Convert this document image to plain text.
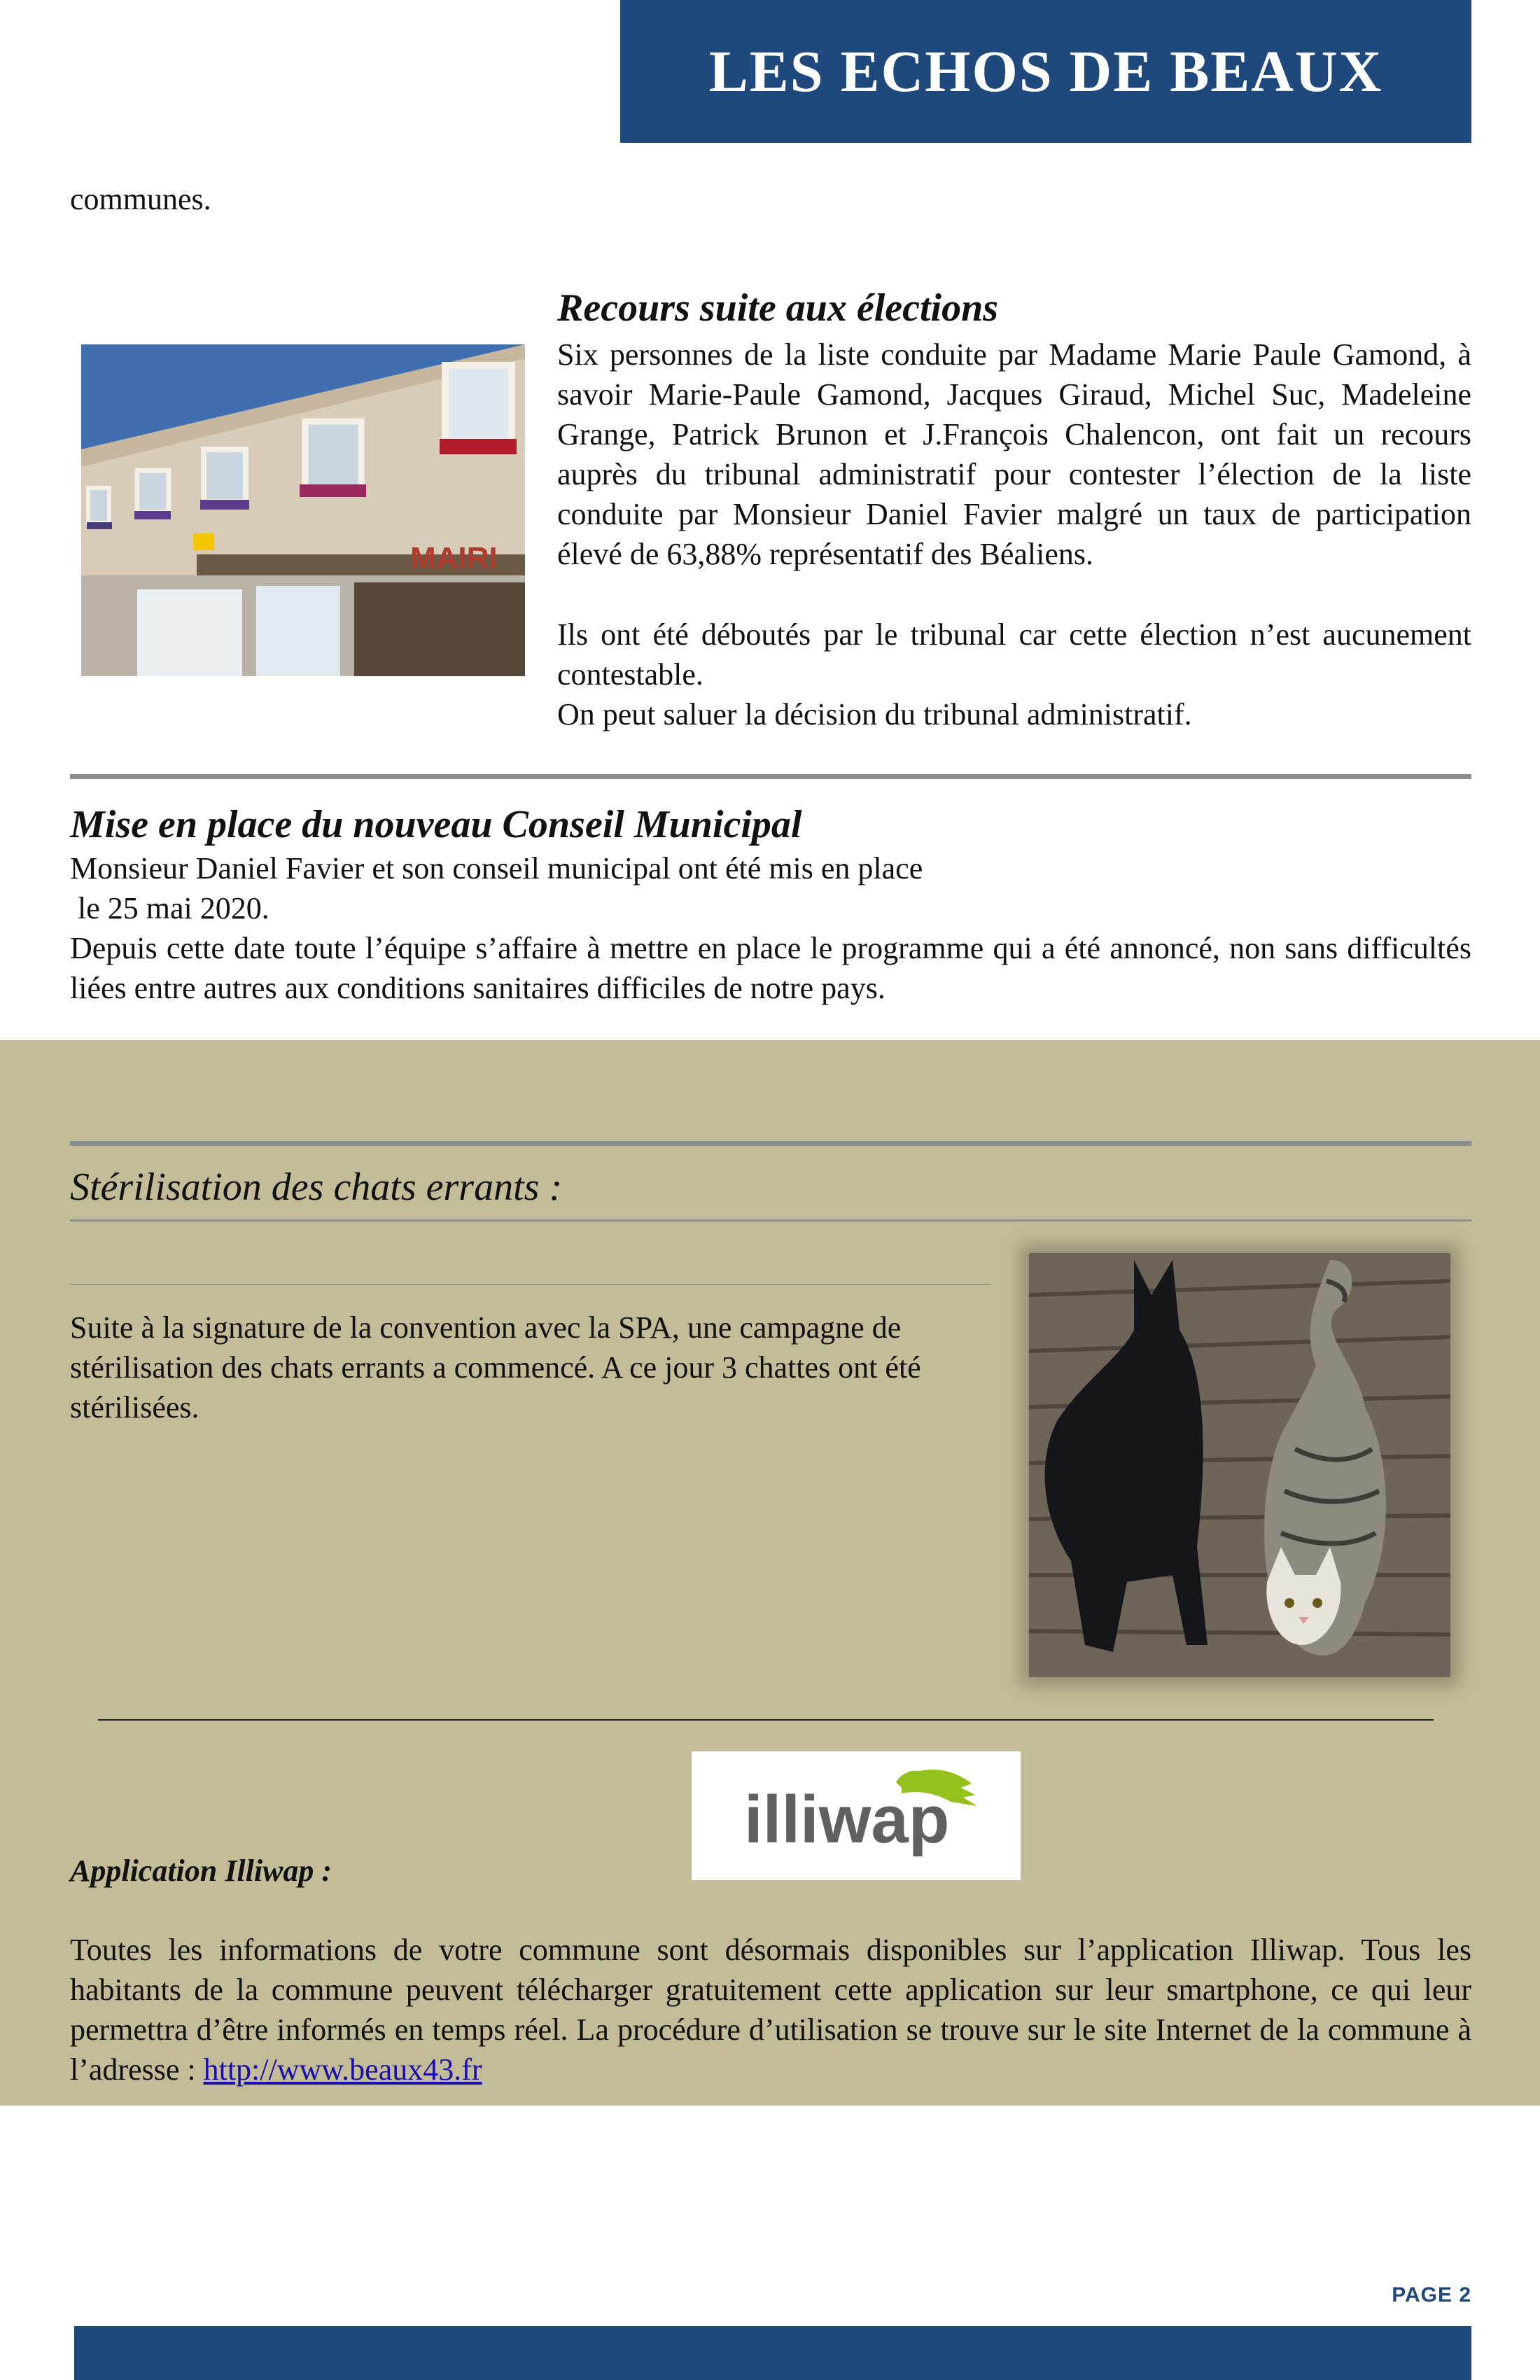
LES ECHOS DE BEAUX
communes.
MAIRI
Recours suite aux élections
Six personnes de la liste conduite par Madame Marie Paule Gamond, à savoir Marie-Paule Gamond, Jacques Giraud, Michel Suc, Madeleine Grange, Patrick Brunon et J.François Chalencon, ont fait un recours auprès du tribunal administratif pour contester l’élection de la liste conduite par Monsieur Daniel Favier malgré un taux de participation élevé de 63,88% représentatif des Béaliens.
Ils ont été déboutés par le tribunal car cette élection n’est aucunement contestable.
On peut saluer la décision du tribunal administratif.
Mise en place du nouveau Conseil Municipal
Monsieur Daniel Favier et son conseil municipal ont été mis en place
le 25 mai 2020.
Depuis cette date toute l’équipe s’affaire à mettre en place le programme qui a été annoncé, non sans difficultés liées entre autres aux conditions sanitaires difficiles de notre pays.
Stérilisation des chats errants :
Suite à la signature de la convention avec la SPA, une campagne de stérilisation des chats errants a commencé. A ce jour 3 chattes ont été stérilisées.
illiwap
Application Illiwap :
Toutes les informations de votre commune sont désormais disponibles sur l’application Illiwap. Tous les habitants de la commune peuvent télécharger gratuitement cette application sur leur smartphone, ce qui leur permettra d’être informés en temps réel. La procédure d’utilisation se trouve sur le site Internet de la commune à l’adresse : http://www.beaux43.fr
PAGE 2
